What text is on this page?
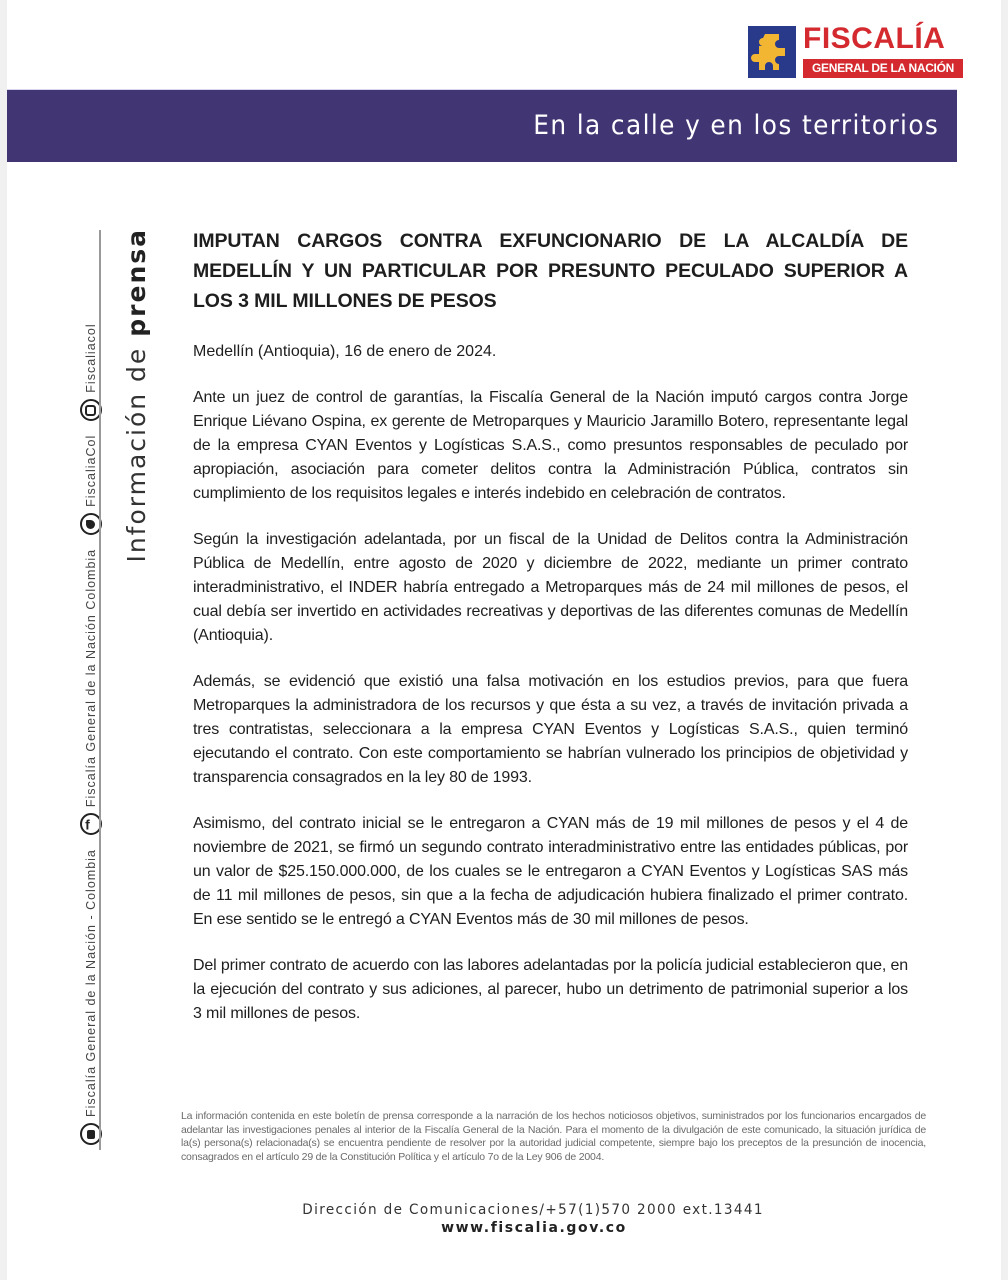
FISCALÍA
GENERAL DE LA NACIÓN
En la calle y en los territorios
Fiscalía General de la Nación - Colombia
f
Fiscalía General de la Nación Colombia
FiscaliaCol
Fiscaliacol Información de prensa	IMPUTAN CARGOS CONTRA EXFUNCIONARIO DE LA ALCALDÍA DE MEDELLÍN Y UN PARTICULAR POR PRESUNTO PECULADO SUPERIOR A LOS 3 MIL MILLONES DE PESOS

Medellín (Antioquia), 16 de enero de 2024.

Ante un juez de control de garantías, la Fiscalía General de la Nación imputó cargos contra Jorge Enrique Liévano Ospina, ex gerente de Metroparques y Mauricio Jaramillo Botero, representante legal de la empresa CYAN Eventos y Logísticas S.A.S., como presuntos responsables de peculado por apropiación, asociación para cometer delitos contra la Administración Pública, contratos sin cumplimiento de los requisitos legales e interés indebido en celebración de contratos.

Según la investigación adelantada, por un fiscal de la Unidad de Delitos contra la Administración Pública de Medellín, entre agosto de 2020 y diciembre de 2022, mediante un primer contrato interadministrativo, el INDER habría entregado a Metroparques más de 24 mil millones de pesos, el cual debía ser invertido en actividades recreativas y deportivas de las diferentes comunas de Medellín (Antioquia).

Además, se evidenció que existió una falsa motivación en los estudios previos, para que fuera Metroparques la administradora de los recursos y que ésta a su vez, a través de invitación privada a tres contratistas, seleccionara a la empresa CYAN Eventos y Logísticas S.A.S., quien terminó ejecutando el contrato. Con este comportamiento se habrían vulnerado los principios de objetividad y transparencia consagrados en la ley 80 de 1993.

Asimismo, del contrato inicial se le entregaron a CYAN más de 19 mil millones de pesos y el 4 de noviembre de 2021, se firmó un segundo contrato interadministrativo entre las entidades públicas, por un valor de $25.150.000.000, de los cuales se le entregaron a CYAN Eventos y Logísticas SAS más de 11 mil millones de pesos, sin que a la fecha de adjudicación hubiera finalizado el primer contrato. En ese sentido se le entregó a CYAN Eventos más de 30 mil millones de pesos.

Del primer contrato de acuerdo con las labores adelantadas por la policía judicial establecieron que, en la ejecución del contrato y sus adiciones, al parecer, hubo un detrimento de patrimonial superior a los 3 mil millones de pesos.

La información contenida en este boletín de prensa corresponde a la narración de los hechos noticiosos objetivos, suministrados por los funcionarios encargados de adelantar las investigaciones penales al interior de la Fiscalía General de la Nación. Para el momento de la divulgación de este comunicado, la situación jurídica de la(s) persona(s) relacionada(s) se encuentra pendiente de resolver por la autoridad judicial competente, siempre bajo los preceptos de la presunción de inocencia, consagrados en el artículo 29 de la Constitución Política y el artículo 7o de la Ley 906 de 2004.
Dirección de Comunicaciones/+57(1)570 2000 ext.13441
www.fiscalia.gov.co
